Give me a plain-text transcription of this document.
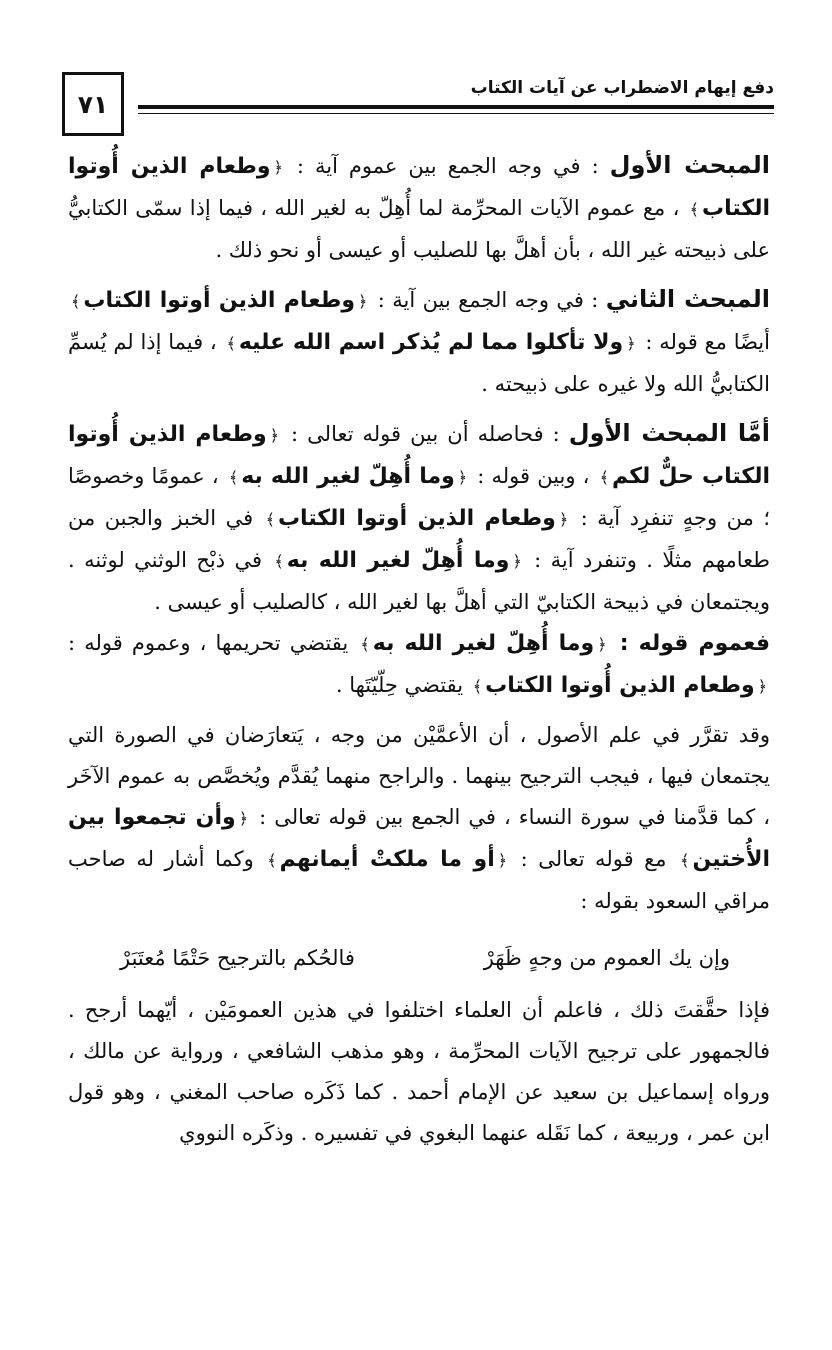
٧١
دفع إيهام الاضطراب عن آيات الكتاب

المبحث الأول : في وجه الجمع بين عموم آية : ﴿وطعام الذين أُوتوا الكتاب﴾ ، مع عموم الآيات المحرِّمة لما أُهِلّ به لغير الله ، فيما إذا سمّى الكتابيُّ على ذبيحته غير الله ، بأن أهلَّ بها للصليب أو عيسى أو نحو ذلك .

المبحث الثاني : في وجه الجمع بين آية : ﴿وطعام الذين أوتوا الكتاب﴾ أيضًا مع قوله : ﴿ولا تأكلوا مما لم يُذكر اسم الله عليه﴾ ، فيما إذا لم يُسمِّ الكتابيُّ الله ولا غيره على ذبيحته .

أمَّا المبحث الأول : فحاصله أن بين قوله تعالى : ﴿وطعام الذين أُوتوا الكتاب حلٌّ لكم﴾ ، وبين قوله : ﴿وما أُهِلّ لغير الله به﴾ ، عمومًا وخصوصًا ؛ من وجهٍ تنفرِد آية : ﴿وطعام الذين أوتوا الكتاب﴾ في الخبز والجبن من طعامهم مثلًا . وتنفرد آية : ﴿وما أُهِلّ لغير الله به﴾ في ذبْح الوثني لوثنه . ويجتمعان في ذبيحة الكتابيّ التي أهلَّ بها لغير الله ، كالصليب أو عيسى .

فعموم قوله : ﴿وما أُهِلّ لغير الله به﴾ يقتضي تحريمها ، وعموم قوله : ﴿وطعام الذين أُوتوا الكتاب﴾ يقتضي حِلّيّتَها .

وقد تقرَّر في علم الأصول ، أن الأعمَّيْن من وجه ، يَتعارَضان في الصورة التي يجتمعان فيها ، فيجب الترجيح بينهما . والراجح منهما يُقدَّم ويُخصَّص به عموم الآخَر ، كما قدَّمنا في سورة النساء ، في الجمع بين قوله تعالى : ﴿وأن تجمعوا بين الأُختين﴾ مع قوله تعالى : ﴿أو ما ملكتْ أيمانهم﴾ وكما أشار له صاحب مراقي السعود بقوله :

وإن يك العموم من وجهٍ ظَهَرْ
فالحُكم بالترجيح حَتْمًا مُعتَبَرْ

فإذا حقَّقتَ ذلك ، فاعلم أن العلماء اختلفوا في هذين العمومَيْن ، أيّهما أرجح . فالجمهور على ترجيح الآيات المحرِّمة ، وهو مذهب الشافعي ، ورواية عن مالك ، ورواه إسماعيل بن سعيد عن الإمام أحمد . كما ذَكَره صاحب المغني ، وهو قول ابن عمر ، وربيعة ، كما نَقَله عنهما البغوي في تفسيره . وذكَره النووي
